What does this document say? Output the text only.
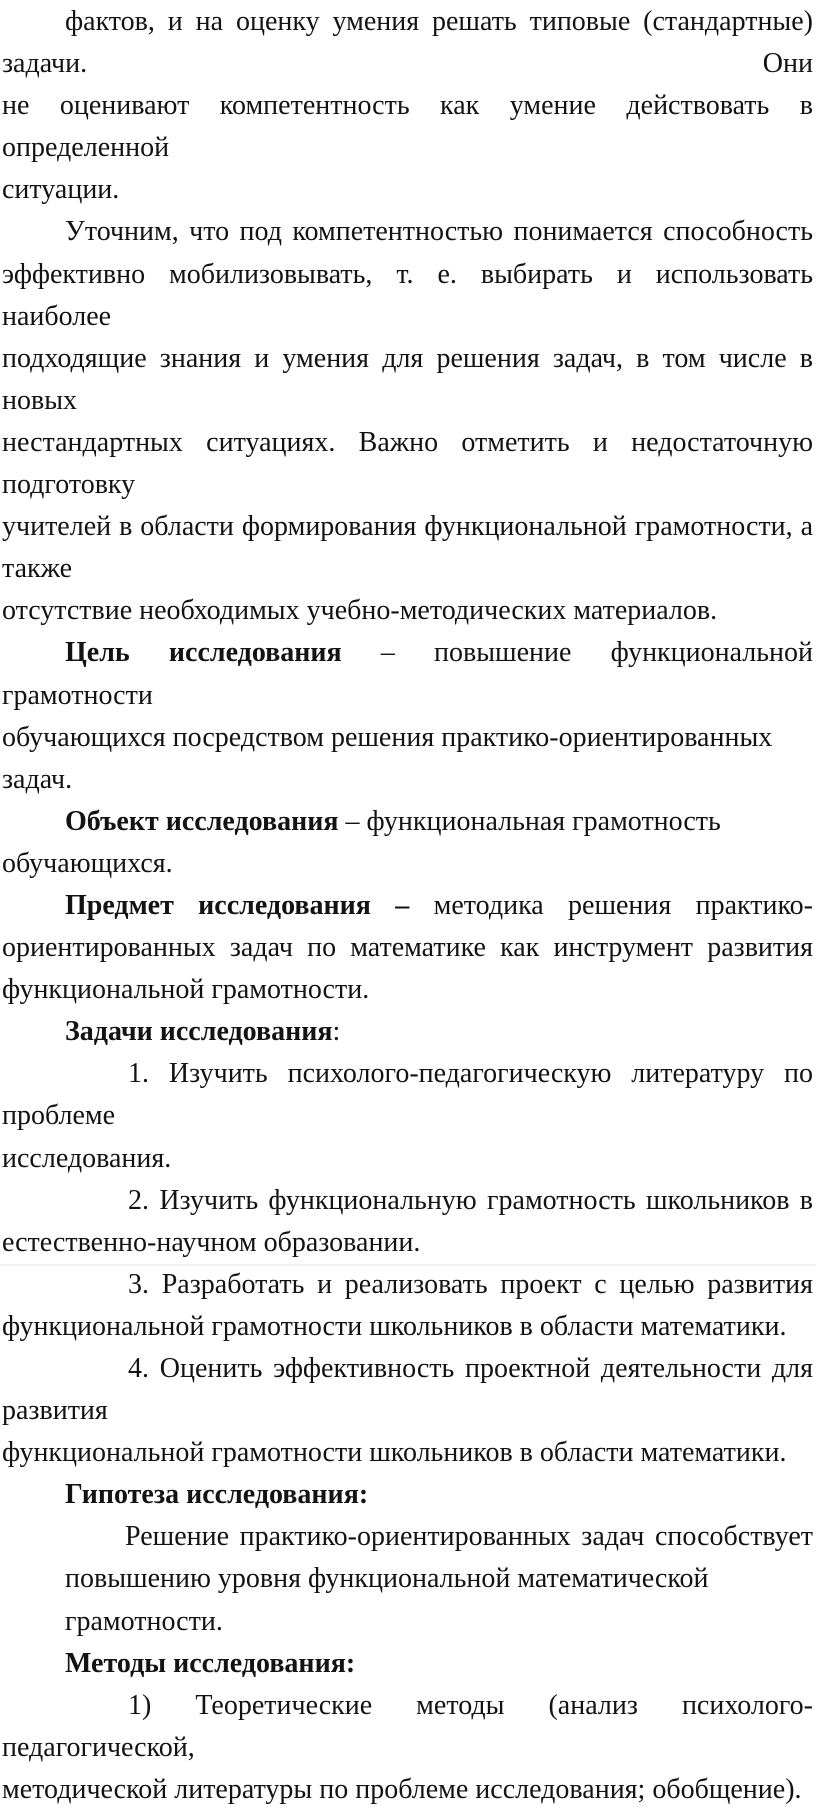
фактов, и на оценку умения решать типовые (стандартные) задачи. Они
не оценивают компетентность как умение действовать в определенной
ситуации.
Уточним, что под компетентностью понимается способность
эффективно мобилизовывать, т. е. выбирать и использовать наиболее
подходящие знания и умения для решения задач, в том числе в новых
нестандартных ситуациях. Важно отметить и недостаточную подготовку
учителей в области формирования функциональной грамотности, а также
отсутствие необходимых учебно-методических материалов.
Цель исследования – повышение функциональной грамотности
обучающихся посредством решения практико-ориентированных задач.
Объект исследования – функциональная грамотность обучающихся.
Предмет исследования – методика решения практико-
ориентированных задач по математике как инструмент развития
функциональной грамотности.
Задачи исследования:
1. Изучить психолого-педагогическую литературу по проблеме
исследования.
2. Изучить функциональную грамотность школьников в
естественно-научном образовании.
3. Разработать и реализовать проект с целью развития
функциональной грамотности школьников в области математики.
4. Оценить эффективность проектной деятельности для развития
функциональной грамотности школьников в области математики.
Гипотеза исследования:
Решение практико-ориентированных задач способствует
повышению уровня функциональной математической грамотности.
Методы исследования:
1) Теоретические методы (анализ психолого-педагогической,
методической литературы по проблеме исследования; обобщение).
